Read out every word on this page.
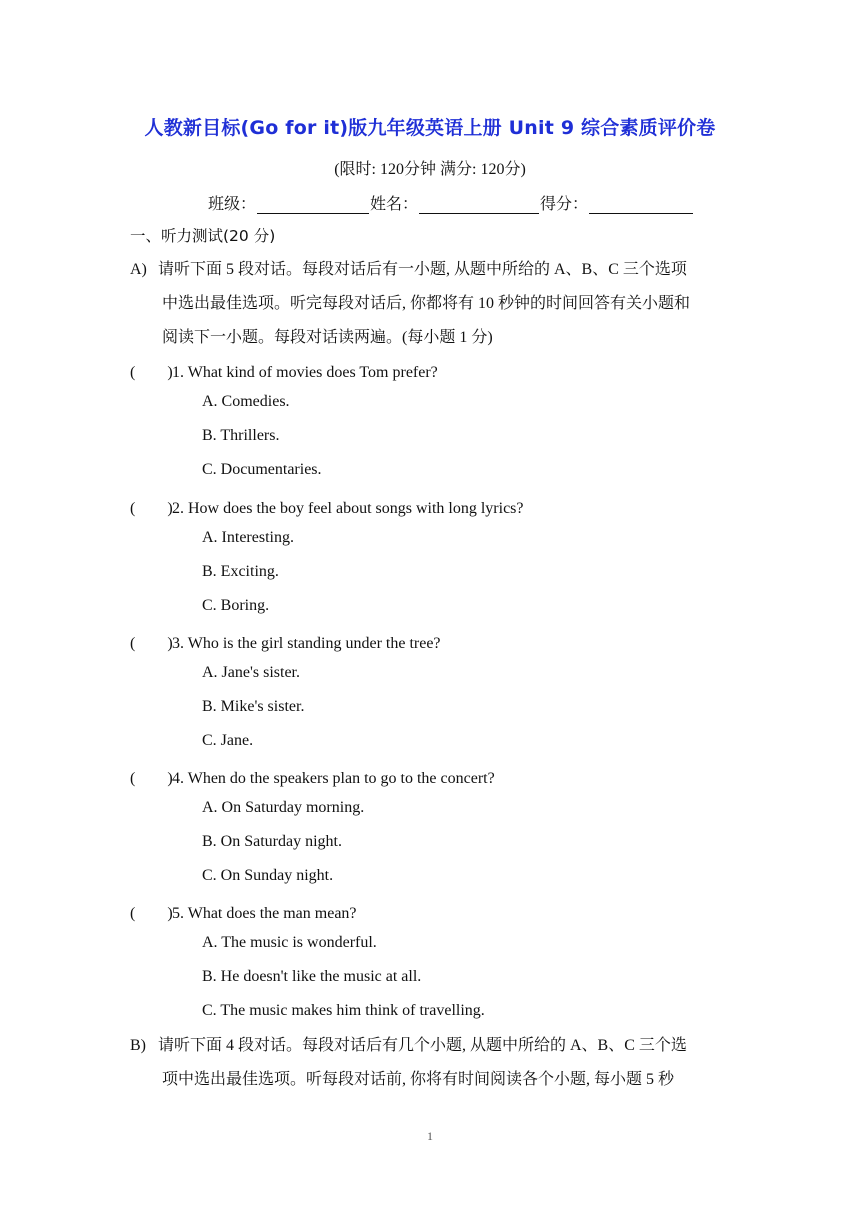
人教新目标(Go for it)版九年级英语上册 Unit 9 综合素质评价卷
(限时: 120分钟 满分: 120分)
班级：	姓名：	得分：
一、听力测试(20 分)
A) 请听下面 5 段对话。每段对话后有一小题, 从题中所给的 A、B、C 三个选项
中选出最佳选项。听完每段对话后, 你都将有 10 秒钟的时间回答有关小题和
阅读下一小题。每段对话读两遍。(每小题 1 分)
(　　)1. What kind of movies does Tom prefer?
A. Comedies.
B. Thrillers.
C. Documentaries.
(　　)2. How does the boy feel about songs with long lyrics?
A. Interesting.
B. Exciting.
C. Boring.
(　　)3. Who is the girl standing under the tree?
A. Jane's sister.
B. Mike's sister.
C. Jane.
(　　)4. When do the speakers plan to go to the concert?
A. On Saturday morning.
B. On Saturday night.
C. On Sunday night.
(　　)5. What does the man mean?
A. The music is wonderful.
B. He doesn't like the music at all.
C. The music makes him think of travelling.
B) 请听下面 4 段对话。每段对话后有几个小题, 从题中所给的 A、B、C 三个选
项中选出最佳选项。听每段对话前, 你将有时间阅读各个小题, 每小题 5 秒
1
